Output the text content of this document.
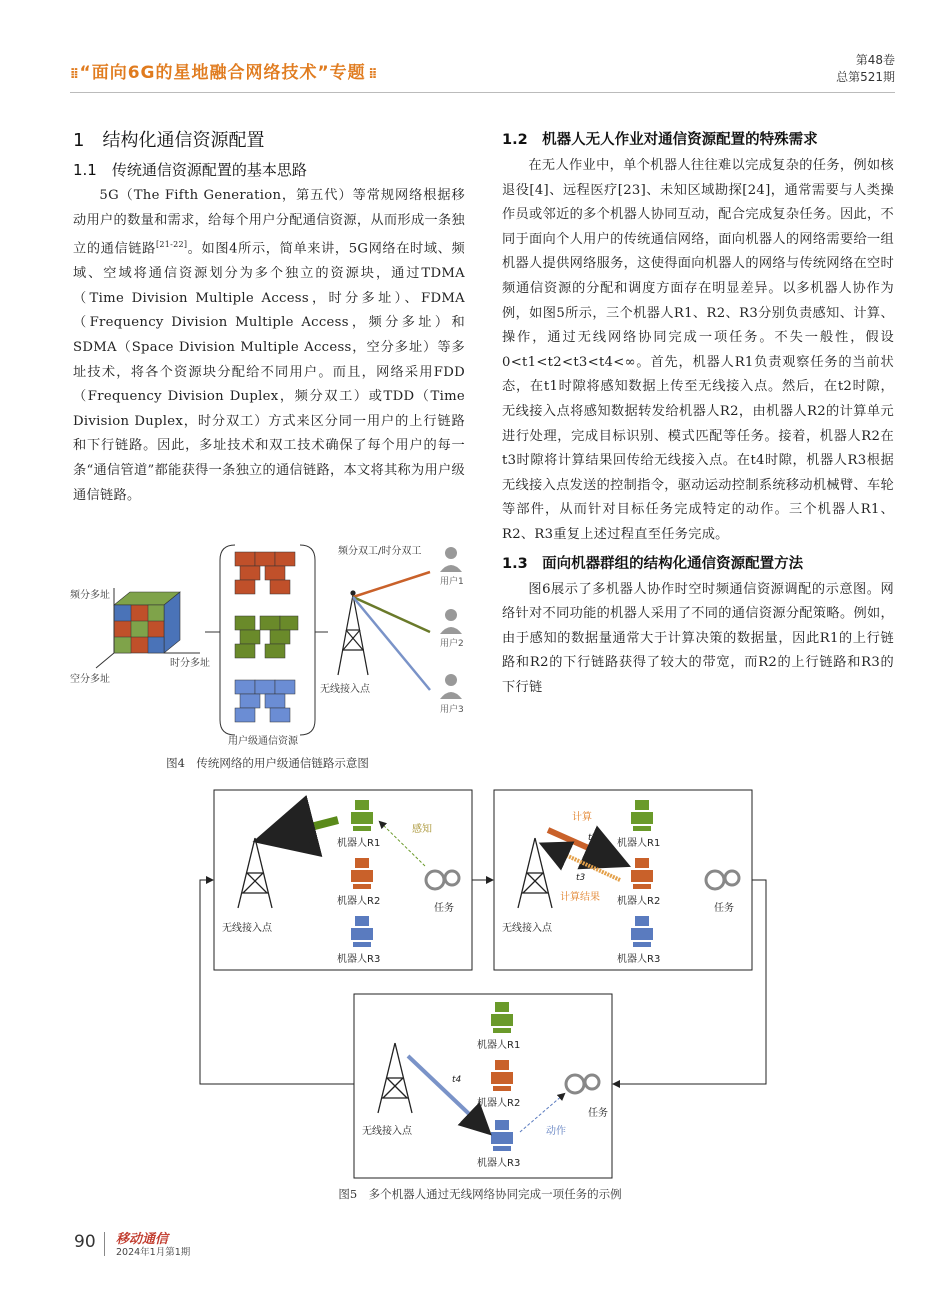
⁞⁞ “面向6G的星地融合网络技术”专题 ⁞⁞
第48卷
总第521期
1　结构化通信资源配置
1.1　传统通信资源配置的基本思路

5G（The Fifth Generation，第五代）等常规网络根据移动用户的数量和需求，给每个用户分配通信资源，从而形成一条独立的通信链路[21-22]。如图4所示，简单来讲，5G网络在时域、频域、空域将通信资源划分为多个独立的资源块，通过TDMA（Time Division Multiple Access，时分多址）、FDMA（Frequency Division Multiple Access，频分多址）和SDMA（Space Division Multiple Access，空分多址）等多址技术，将各个资源块分配给不同用户。而且，网络采用FDD（Frequency Division Duplex，频分双工）或TDD（Time Division Duplex，时分双工）方式来区分同一用户的上行链路和下行链路。因此，多址技术和双工技术确保了每个用户的每一条“通信管道”都能获得一条独立的通信链路，本文将其称为用户级通信链路。

频分多址
时分多址
空分多址
用户级通信资源
无线接入点
频分双工/时分双工
用户1
用户2
用户3
图4　传统网络的用户级通信链路示意图
1.2　机器人无人作业对通信资源配置的特殊需求

在无人作业中，单个机器人往往难以完成复杂的任务，例如核退役[4]、远程医疗[23]、未知区域勘探[24]，通常需要与人类操作员或邻近的多个机器人协同互动，配合完成复杂任务。因此，不同于面向个人用户的传统通信网络，面向机器人的网络需要给一组机器人提供网络服务，这使得面向机器人的网络与传统网络在空时频通信资源的分配和调度方面存在明显差异。以多机器人协作为例，如图5所示，三个机器人R1、R2、R3分别负责感知、计算、操作，通过无线网络协同完成一项任务。不失一般性，假设0<t1<t2<t3<t4<∞。首先，机器人R1负责观察任务的当前状态，在t1时隙将感知数据上传至无线接入点。然后，在t2时隙，无线接入点将感知数据转发给机器人R2，由机器人R2的计算单元进行处理，完成目标识别、模式匹配等任务。接着，机器人R2在t3时隙将计算结果回传给无线接入点。在t4时隙，机器人R3根据无线接入点发送的控制指令，驱动运动控制系统移动机械臂、车轮等部件，从而针对目标任务完成特定的动作。三个机器人R1、R2、R3重复上述过程直至任务完成。

1.3　面向机器群组的结构化通信资源配置方法

图6展示了多机器人协作时空时频通信资源调配的示意图。网络针对不同功能的机器人采用了不同的通信资源分配策略。例如，由于感知的数据量通常大于计算决策的数据量，因此R1的上行链路和R2的下行链路获得了较大的带宽，而R2的上行链路和R3的下行链

无线接入点
机器人R1
机器人R2
机器人R3
任务
t1
感知
无线接入点
机器人R1
机器人R2
机器人R3
任务
计算
t2
t3
计算结果
无线接入点
机器人R1
机器人R2
机器人R3
任务
t4
动作
图5　多个机器人通过无线网络协同完成一项任务的示例
90 移动通信
2024年1月第1期
